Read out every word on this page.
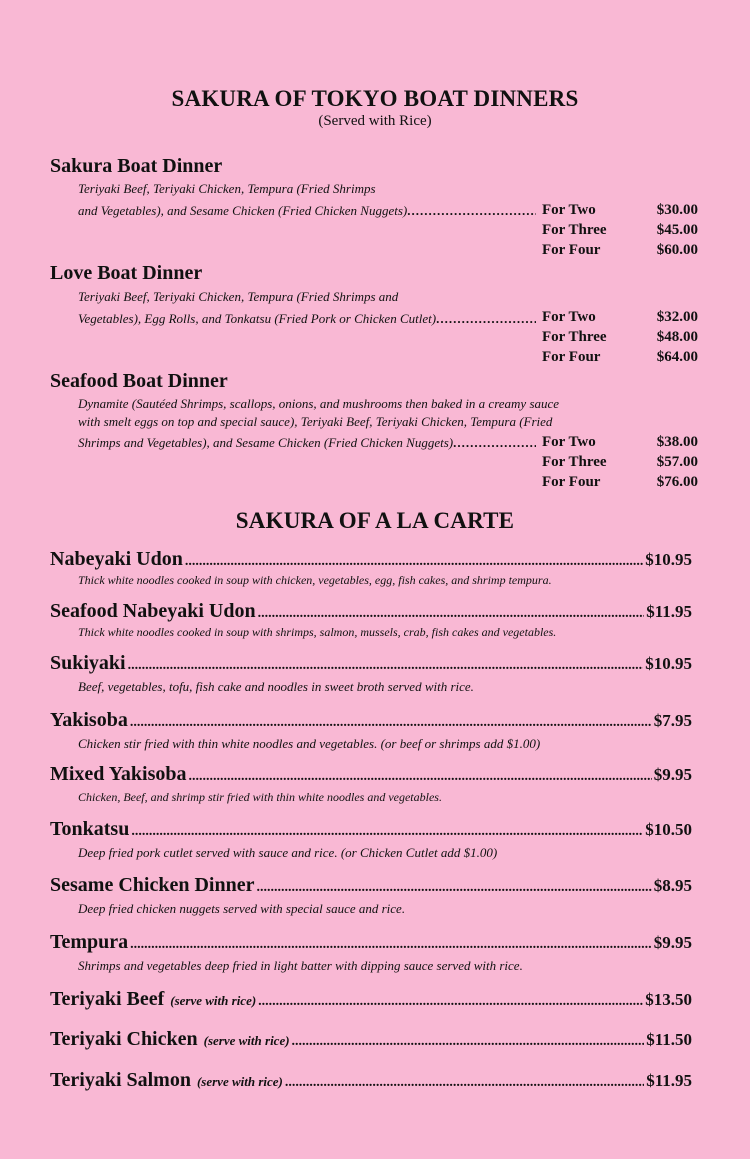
SAKURA OF TOKYO BOAT DINNERS
(Served with Rice)
Sakura Boat Dinner
Teriyaki Beef, Teriyaki Chicken, Tempura (Fried Shrimps
and Vegetables), and Sesame Chicken (Fried Chicken Nuggets) .....	For Two	$30.00
For Three	$45.00
For Four	$60.00
Love Boat Dinner
Teriyaki Beef, Teriyaki Chicken, Tempura (Fried Shrimps and
Vegetables), Egg Rolls, and Tonkatsu (Fried Pork or Chicken Cutlet) .....	For Two	$32.00
For Three	$48.00
For Four	$64.00
Seafood Boat Dinner
Dynamite (Sautéed Shrimps, scallops, onions, and mushrooms then baked in a creamy sauce
with smelt eggs on top and special sauce), Teriyaki Beef, Teriyaki Chicken, Tempura (Fried
Shrimps and Vegetables), and Sesame Chicken (Fried Chicken Nuggets) .....	For Two	$38.00
For Three	$57.00
For Four	$76.00
SAKURA OF A LA CARTE
Nabeyaki Udon .....	$10.95
Thick white noodles cooked in soup with chicken, vegetables, egg, fish cakes, and shrimp tempura.
Seafood Nabeyaki Udon .....	$11.95
Thick white noodles cooked in soup with shrimps, salmon, mussels, crab, fish cakes and vegetables.
Sukiyaki .....	$10.95
Beef, vegetables, tofu, fish cake and noodles in sweet broth served with rice.
Yakisoba .....	$7.95
Chicken stir fried with thin white noodles and vegetables. (or beef or shrimps add $1.00)
Mixed Yakisoba .....	$9.95
Chicken, Beef, and shrimp stir fried with thin white noodles and vegetables.
Tonkatsu .....	$10.50
Deep fried pork cutlet served with sauce and rice. (or Chicken Cutlet add $1.00)
Sesame Chicken Dinner .....	$8.95
Deep fried chicken nuggets served with special sauce and rice.
Tempura .....	$9.95
Shrimps and vegetables deep fried in light batter with dipping sauce served with rice.
Teriyaki Beef (serve with rice) .....	$13.50
Teriyaki Chicken (serve with rice) .....	$11.50
Teriyaki Salmon (serve with rice) .....	$11.95
